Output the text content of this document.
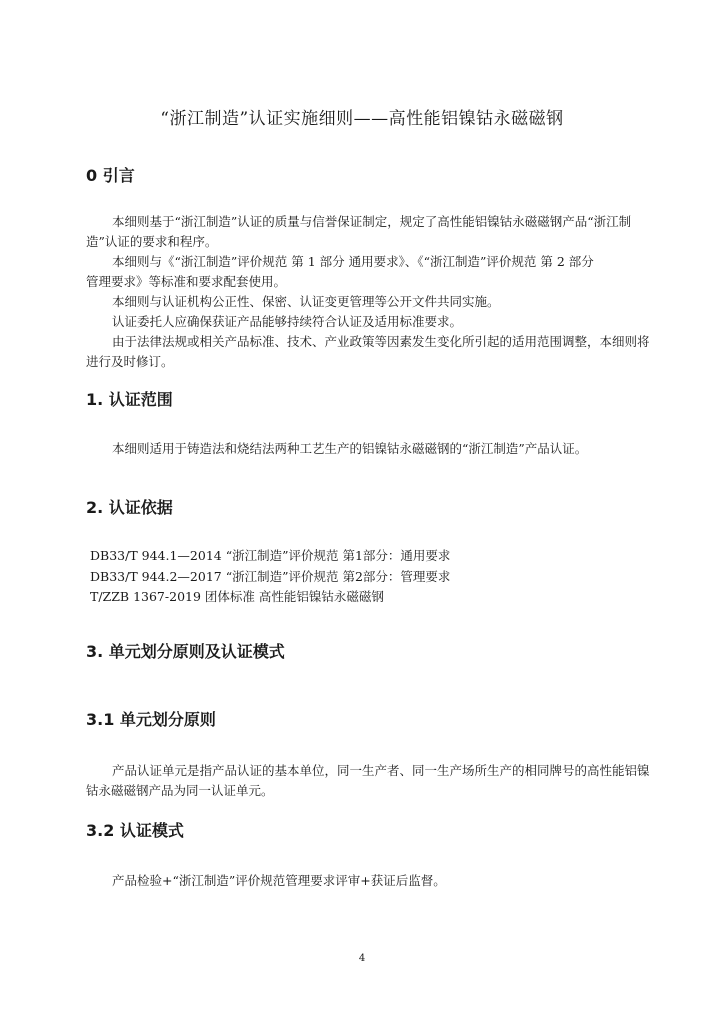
“浙江制造”认证实施细则——高性能铝镍钴永磁磁钢
0 引言
本细则基于“浙江制造”认证的质量与信誉保证制定，规定了高性能铝镍钴永磁磁钢产品“浙江制
造”认证的要求和程序。
本细则与《“浙江制造”评价规范 第 1 部分 通用要求》、《“浙江制造”评价规范 第 2 部分
管理要求》等标准和要求配套使用。
本细则与认证机构公正性、保密、认证变更管理等公开文件共同实施。
认证委托人应确保获证产品能够持续符合认证及适用标准要求。
由于法律法规或相关产品标准、技术、产业政策等因素发生变化所引起的适用范围调整，本细则将
进行及时修订。
1. 认证范围
本细则适用于铸造法和烧结法两种工艺生产的铝镍钴永磁磁钢的“浙江制造”产品认证。
2. 认证依据
DB33/T 944.1—2014 “浙江制造”评价规范 第1部分：通用要求
DB33/T 944.2—2017 “浙江制造”评价规范 第2部分：管理要求
T/ZZB 1367-2019 团体标准 高性能铝镍钴永磁磁钢
3. 单元划分原则及认证模式
3.1 单元划分原则
产品认证单元是指产品认证的基本单位，同一生产者、同一生产场所生产的相同牌号的高性能铝镍
钴永磁磁钢产品为同一认证单元。
3.2 认证模式
产品检验+“浙江制造”评价规范管理要求评审+获证后监督。
4
